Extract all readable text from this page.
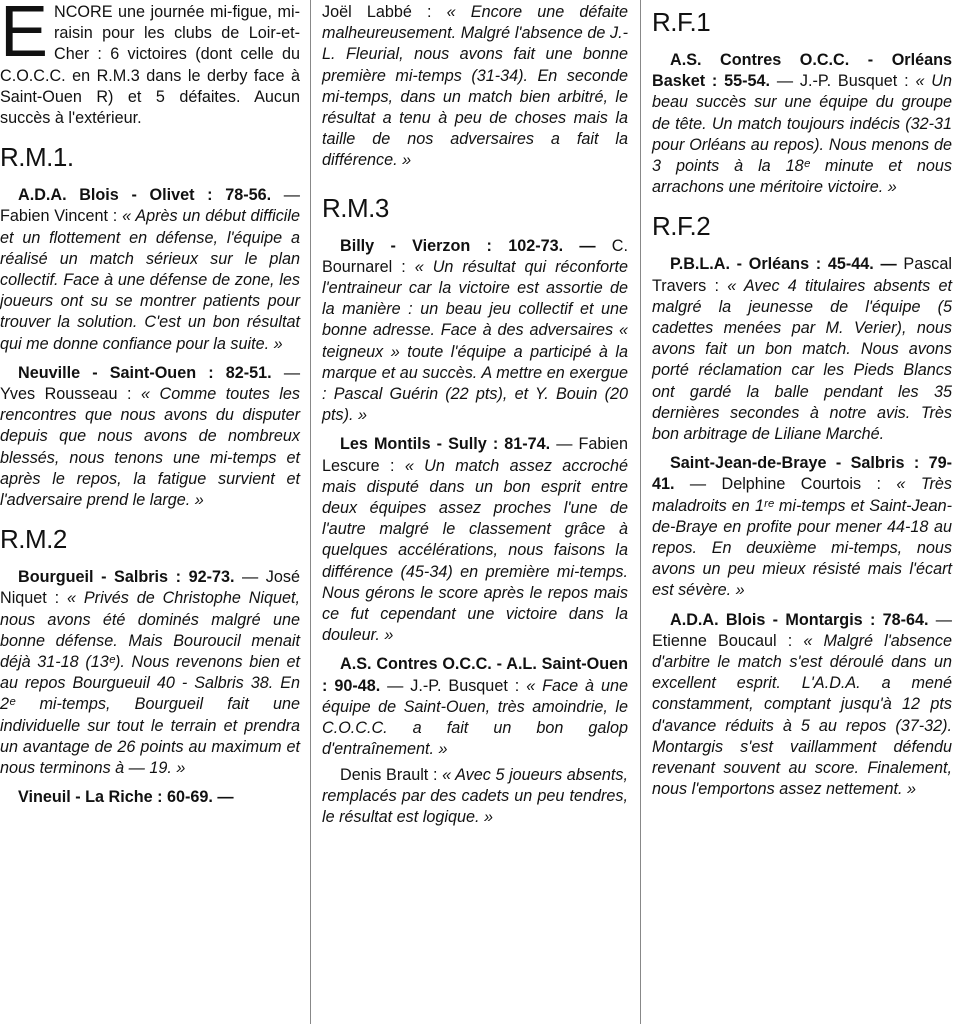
E NCORE une journée mi-figue, mi-raisin pour les clubs de Loir-et-Cher : 6 victoires (dont celle du C.O.C.C. en R.M.3 dans le derby face à Saint-Ouen R) et 5 défaites. Aucun succès à l'extérieur.

R.M.1.

A.D.A. Blois - Olivet : 78-56. — Fabien Vincent : « Après un début difficile et un flottement en défense, l'équipe a réalisé un match sérieux sur le plan collectif. Face à une défense de zone, les joueurs ont su se montrer patients pour trouver la solution. C'est un bon résultat qui me donne confiance pour la suite. »

Neuville - Saint-Ouen : 82-51. — Yves Rousseau : « Comme toutes les rencontres que nous avons du disputer depuis que nous avons de nombreux blessés, nous tenons une mi-temps et après le repos, la fatigue survient et l'adversaire prend le large. »

R.M.2

Bourgueil - Salbris : 92-73. — José Niquet : « Privés de Christophe Niquet, nous avons été dominés malgré une bonne défense. Mais Bouroucil menait déjà 31-18 (13ᵉ). Nous revenons bien et au repos Bourgueuil 40 - Salbris 38. En 2ᵉ mi-temps, Bourgueil fait une individuelle sur tout le terrain et prendra un avantage de 26 points au maximum et nous terminons à — 19. »

Vineuil - La Riche : 60-69. —

Joël Labbé : « Encore une défaite malheureusement. Malgré l'absence de J.-L. Fleurial, nous avons fait une bonne première mi-temps (31-34). En seconde mi-temps, dans un match bien arbitré, le résultat a tenu à peu de choses mais la taille de nos adversaires a fait la différence. »

R.M.3

Billy - Vierzon : 102-73. — C. Bournarel : « Un résultat qui réconforte l'entraineur car la victoire est assortie de la manière : un beau jeu collectif et une bonne adresse. Face à des adversaires « teigneux » toute l'équipe a participé à la marque et au succès. A mettre en exergue : Pascal Guérin (22 pts), et Y. Bouin (20 pts). »

Les Montils - Sully : 81-74. — Fabien Lescure : « Un match assez accroché mais disputé dans un bon esprit entre deux équipes assez proches l'une de l'autre malgré le classement grâce à quelques accélérations, nous faisons la différence (45-34) en première mi-temps. Nous gérons le score après le repos mais ce fut cependant une victoire dans la douleur. »

A.S. Contres O.C.C. - A.L. Saint-Ouen : 90-48. — J.-P. Busquet : « Face à une équipe de Saint-Ouen, très amoindrie, le C.O.C.C. a fait un bon galop d'entraînement. »

Denis Brault : « Avec 5 joueurs absents, remplacés par des cadets un peu tendres, le résultat est logique. »

R.F.1

A.S. Contres O.C.C. - Orléans Basket : 55-54. — J.-P. Busquet : « Un beau succès sur une équipe du groupe de tête. Un match toujours indécis (32-31 pour Orléans au repos). Nous menons de 3 points à la 18ᵉ minute et nous arrachons une méritoire victoire. »

R.F.2

P.B.L.A. - Orléans : 45-44. — Pascal Travers : « Avec 4 titulaires absents et malgré la jeunesse de l'équipe (5 cadettes menées par M. Verier), nous avons fait un bon match. Nous avons porté réclamation car les Pieds Blancs ont gardé la balle pendant les 35 dernières secondes à notre avis. Très bon arbitrage de Liliane Marché.

Saint-Jean-de-Braye - Salbris : 79-41. — Delphine Courtois : « Très maladroits en 1ʳᵉ mi-temps et Saint-Jean-de-Braye en profite pour mener 44-18 au repos. En deuxième mi-temps, nous avons un peu mieux résisté mais l'écart est sévère. »

A.D.A. Blois - Montargis : 78-64. — Etienne Boucaul : « Malgré l'absence d'arbitre le match s'est déroulé dans un excellent esprit. L'A.D.A. a mené constamment, comptant jusqu'à 12 pts d'avance réduits à 5 au repos (37-32). Montargis s'est vaillamment défendu revenant souvent au score. Finalement, nous l'emportons assez nettement. »
